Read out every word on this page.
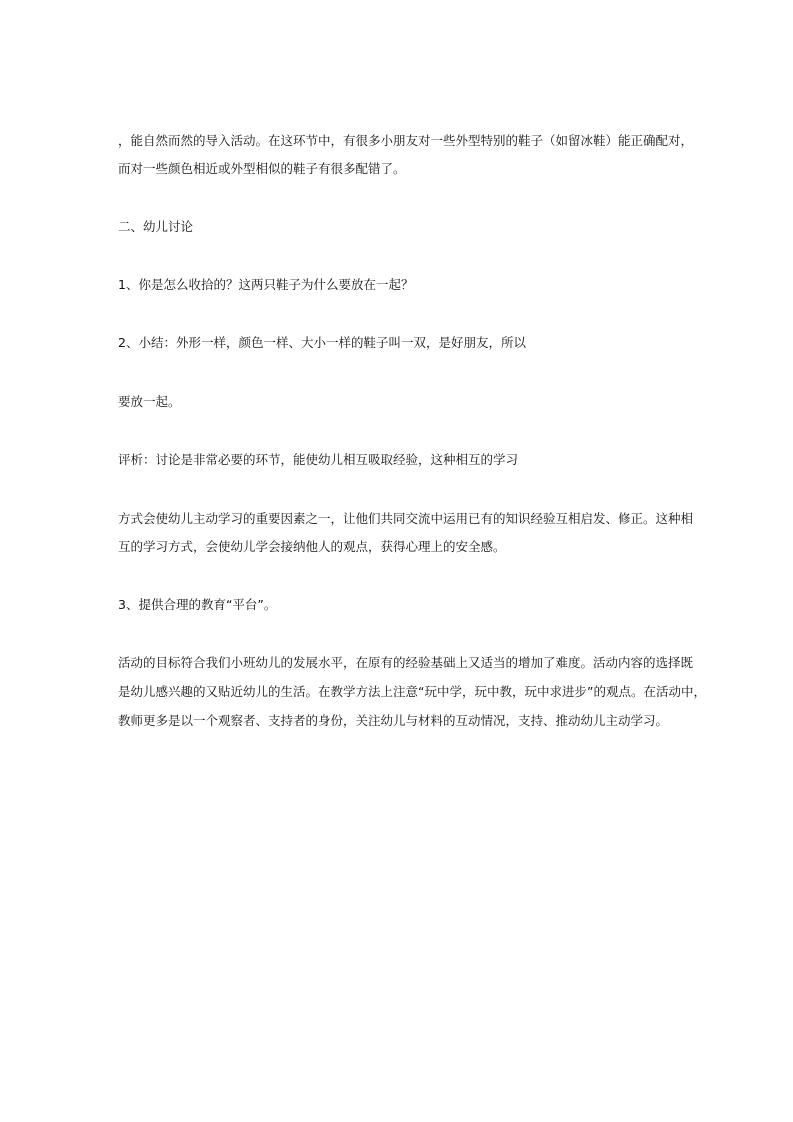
，能自然而然的导入活动。在这环节中，有很多小朋友对一些外型特别的鞋子（如留冰鞋）能正确配对，

而对一些颜色相近或外型相似的鞋子有很多配错了。

二、幼儿讨论

1、你是怎么收拾的？这两只鞋子为什么要放在一起？

2、小结：外形一样，颜色一样、大小一样的鞋子叫一双，是好朋友，所以

要放一起。

评析：讨论是非常必要的环节，能使幼儿相互吸取经验，这种相互的学习

方式会使幼儿主动学习的重要因素之一，让他们共同交流中运用已有的知识经验互相启发、修正。这种相

互的学习方式，会使幼儿学会接纳他人的观点，获得心理上的安全感。

3、提供合理的教育“平台”。

活动的目标符合我们小班幼儿的发展水平，在原有的经验基础上又适当的增加了难度。活动内容的选择既

是幼儿感兴趣的又贴近幼儿的生活。在教学方法上注意“玩中学，玩中教，玩中求进步”的观点。在活动中，

教师更多是以一个观察者、支持者的身份，关注幼儿与材料的互动情况，支持、推动幼儿主动学习。
